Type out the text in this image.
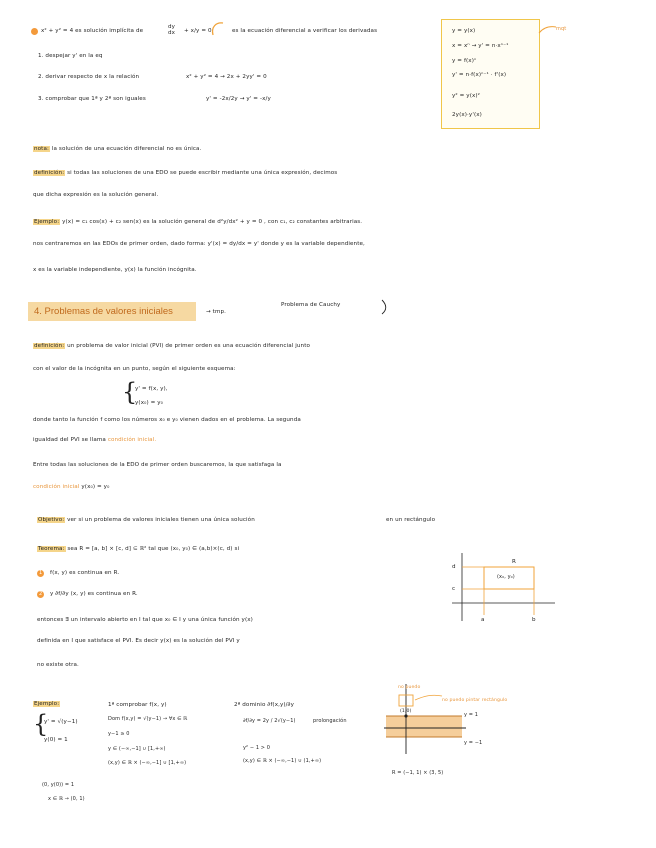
x² + y² = 4 es solución implícita de
dy
dx + x/y = 0	es la ecuación diferencial a verificar los derivadas
1. despejar y' en la eq
2. derivar respecto de x la relación	x² + y² = 4 → 2x + 2yy' = 0
3. comprobar que 1ª y 2ª son iguales	y' = -2x/2y → y' = -x/y
y = y(x)
x = xⁿ → y' = n·xⁿ⁻¹
y = f(x)ⁿ
y' = n·f(x)ⁿ⁻¹ · f'(x)
y² = y(x)²
2y(x)·y'(x)
mqt
nota: la solución de una ecuación diferencial no es única.
definición: si todas las soluciones de una EDO se puede escribir mediante una única expresión, decimos
que dicha expresión es la solución general.
Ejemplo: y(x) = c₁ cos(x) + c₂ sen(x) es la solución general de d²y/dx² + y = 0 , con c₁, c₂ constantes arbitrarias.
nos centraremos en las EDOs de primer orden, dado forma: y'(x) = dy/dx = y' donde y es la variable dependiente,
x es la variable independiente, y(x) la función incógnita.
4. Problemas de valores iniciales	→ tmp.
Problema de Cauchy
definición: un problema de valor inicial (PVI) de primer orden es una ecuación diferencial junto
con el valor de la incógnita en un punto, según el siguiente esquema:
{
y' = f(x, y),
y(x₀) = y₀
donde tanto la función f como los números x₀ e y₀ vienen dados en el problema. La segunda
igualdad del PVI se llama condición inicial.
Entre todas las soluciones de la EDO de primer orden buscaremos, la que satisfaga la
condición inicial y(x₀) = y₀
Objetivo: ver si un problema de valores iniciales tienen una única solución	en un rectángulo
Teorema: sea R = [a, b] × [c, d] ⊆ ℝ² tal que (x₀, y₀) ∈ (a,b)×(c, d) si
1 f(x, y) es continua en R.
2 y ∂f/∂y (x, y) es continua en R.
entonces ∃ un intervalo abierto en I tal que x₀ ∈ I y una única función y(x)
definida en I que satisface el PVI. Es decir y(x) es la solución del PVI y
no existe otra.
d
c
a	b
R
(x₀, y₀)
Ejemplo:
{
y' = √(y−1)
y(0) = 1
1ª comprobar f(x, y)
Dom f(x,y) = √(y−1) → ∀x ∈ ℝ
y−1 ≥ 0
y ∈ (−∞,−1] ∪ [1,+∞)
(x,y) ∈ ℝ × (−∞,−1] ∪ [1,+∞)
2ª dominio ∂f(x,y)/∂y
∂f/∂y = 2y / 2√(y−1)	prolongación
y² − 1 > 0
(x,y) ∈ ℝ × (−∞,−1) ∪ (1,+∞)
(0, y(0)) = 1
x ∈ ℝ → (0, 1)
no puedo
no puedo pintar rectángulo
(1,0)
y = 1
y = −1
R = (−1, 1) × (3, 5)
